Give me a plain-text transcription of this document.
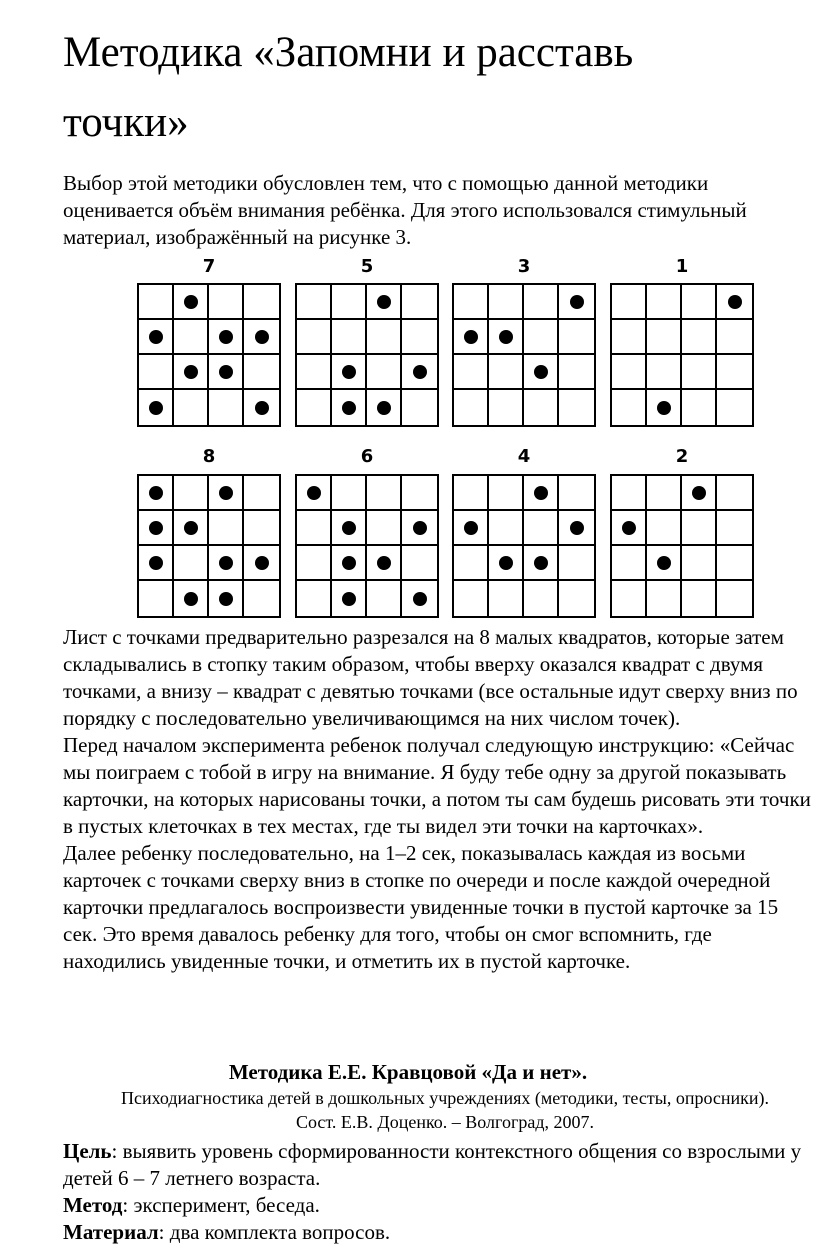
Методика «Запомни и расставь точки»

Выбор этой методики обусловлен тем, что с помощью данной методики оценивается объём внимания ребёнка. Для этого использовался стимульный материал, изображённый на рисунке 3.

7	5	3	1
8	6	4	2

Лист с точками предварительно разрезался на 8 малых квадратов, которые затем складывались в стопку таким образом, чтобы вверху оказался квадрат с двумя точками, а внизу – квадрат с девятью точками (все остальные идут сверху вниз по порядку с последовательно увеличивающимся на них числом точек).

Перед началом эксперимента ребенок получал следующую инструкцию: «Сейчас мы поиграем с тобой в игру на внимание. Я буду тебе одну за другой показывать карточки, на которых нарисованы точки, а потом ты сам будешь рисовать эти точки в пустых клеточках в тех местах, где ты видел эти точки на карточках».

Далее ребенку последовательно, на 1–2 сек, показывалась каждая из восьми карточек с точками сверху вниз в стопке по очереди и после каждой очередной карточки предлагалось воспроизвести увиденные точки в пустой карточке за 15 сек. Это время давалось ребенку для того, чтобы он смог вспомнить, где находились увиденные точки, и отметить их в пустой карточке.

Методика Е.Е. Кравцовой «Да и нет».

Психодиагностика детей в дошкольных учреждениях (методики, тесты, опросники). Сост. Е.В. Доценко. – Волгоград, 2007.

Цель: выявить уровень сформированности контекстного общения со взрослыми у детей 6 – 7 летнего возраста.

Метод: эксперимент, беседа.

Материал: два комплекта вопросов.
